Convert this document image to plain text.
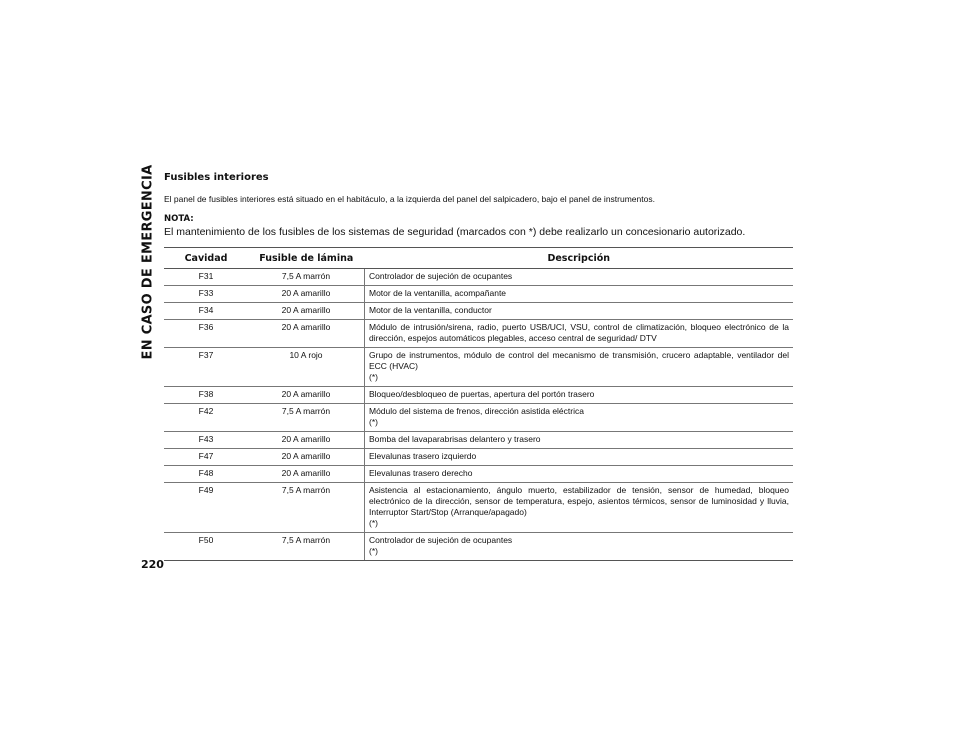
EN CASO DE EMERGENCIA Fusibles interiores
El panel de fusibles interiores está situado en el habitáculo, a la izquierda del panel del salpicadero, bajo el panel de instrumentos.
NOTA:
El mantenimiento de los fusibles de los sistemas de seguridad (marcados con *) debe realizarlo un concesionario autorizado.
Cavidad	Fusible de lámina	Descripción
F31	7,5 A marrón	Controlador de sujeción de ocupantes

F33	20 A amarillo	Motor de la ventanilla, acompañante

F34	20 A amarillo	Motor de la ventanilla, conductor

F36	20 A amarillo	Módulo de intrusión/sirena, radio, puerto USB/UCI, VSU, control de climatización, bloqueo electrónico de la dirección, espejos automáticos plegables, acceso central de seguridad/ DTV

F37	10 A rojo	Grupo de instrumentos, módulo de control del mecanismo de transmisión, crucero adaptable, ventilador del ECC (HVAC)
(*)

F38	20 A amarillo	Bloqueo/desbloqueo de puertas, apertura del portón trasero

F42	7,5 A marrón	Módulo del sistema de frenos, dirección asistida eléctrica
(*)

F43	20 A amarillo	Bomba del lavaparabrisas delantero y trasero

F47	20 A amarillo	Elevalunas trasero izquierdo

F48	20 A amarillo	Elevalunas trasero derecho

F49	7,5 A marrón	Asistencia al estacionamiento, ángulo muerto, estabilizador de tensión, sensor de humedad, bloqueo electrónico de la dirección, sensor de temperatura, espejo, asientos térmicos, sensor de luminosidad y lluvia, Interruptor Start/Stop (Arranque/apagado)
(*)

F50	7,5 A marrón	Controlador de sujeción de ocupantes
(*)
220
